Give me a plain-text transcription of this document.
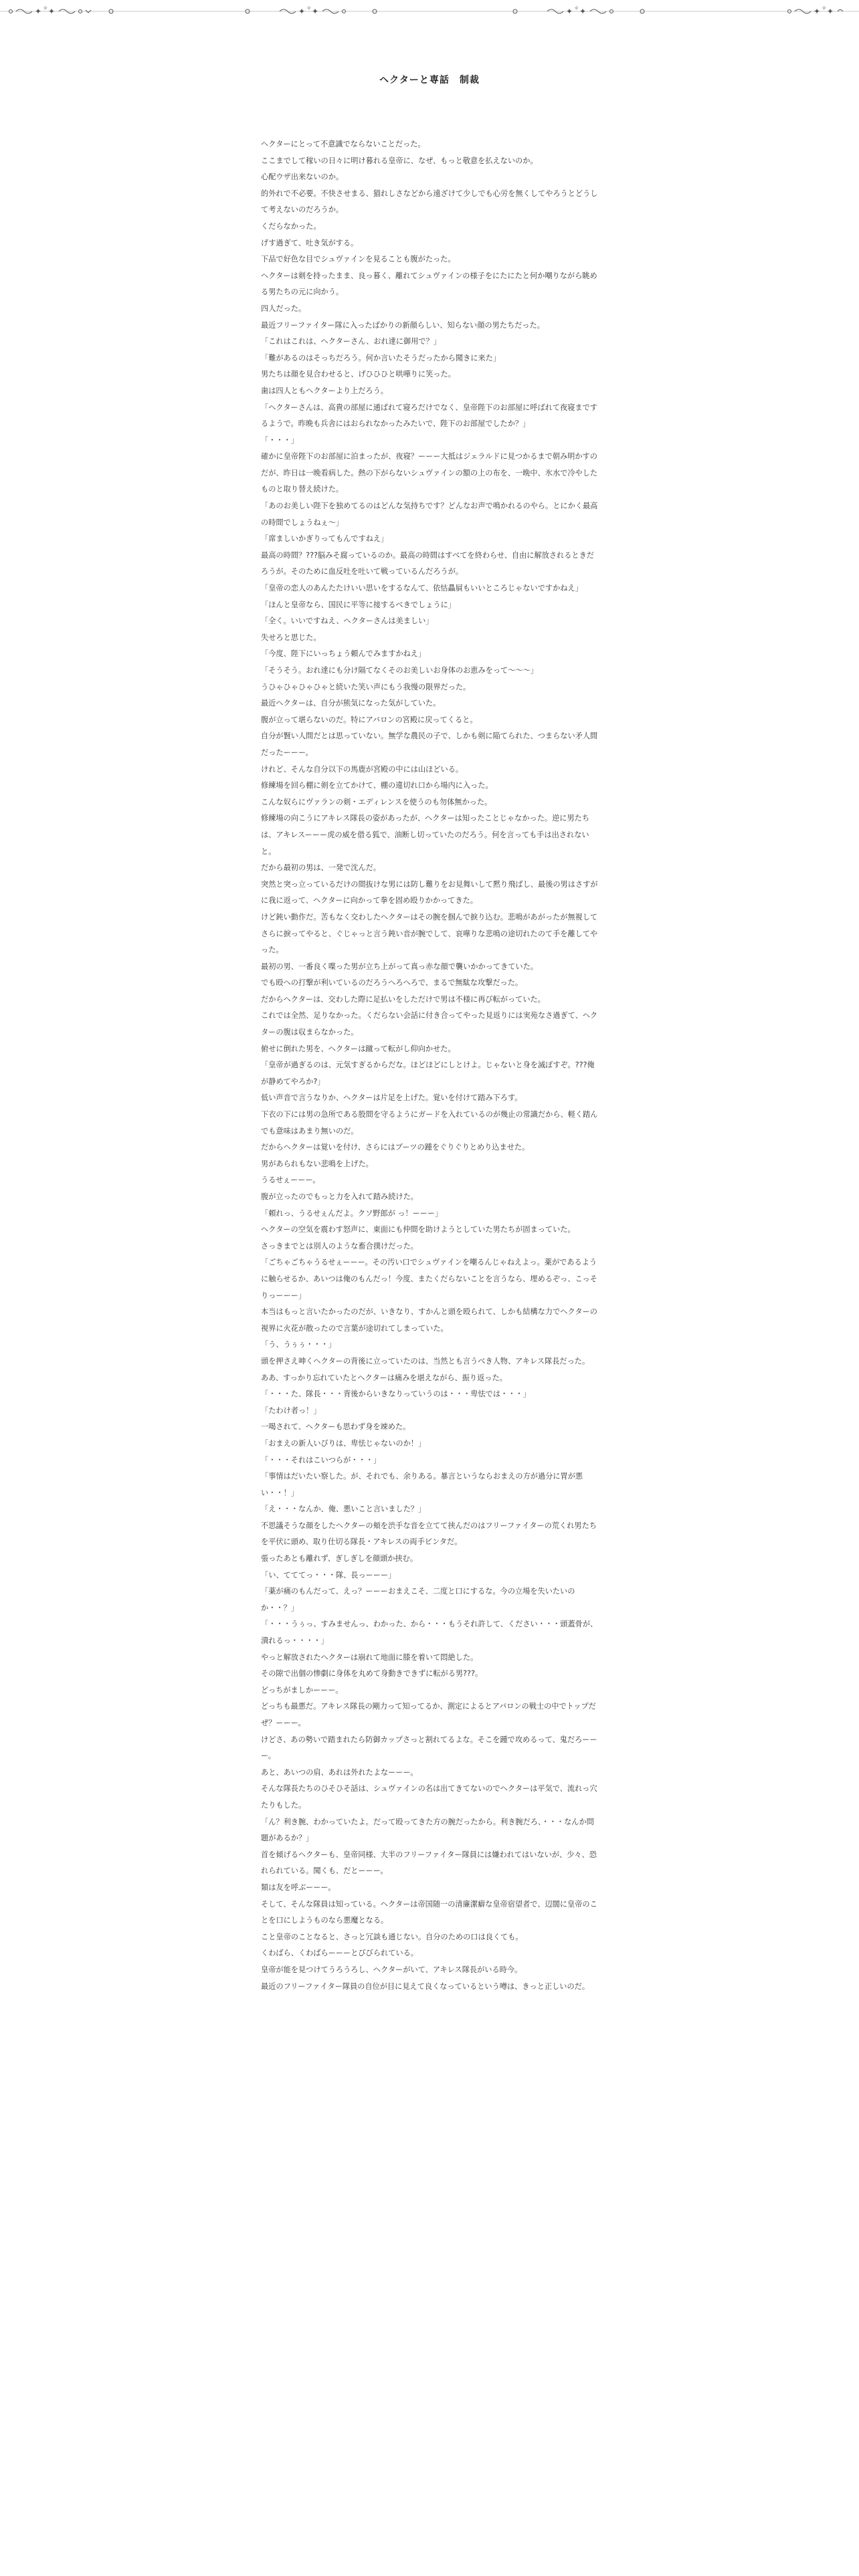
✦ ✧ ✦	✦ ✧ ✦	✦ ✧ ✦	✦ ✧ ✦
ヘクターと専話　制裁

ヘクターにとって不意識でならないことだった。

ここまでして稼いの日々に明け暮れる皇帝に、なぜ、もっと敬意を払えないのか。

心配ウザ出来ないのか。

的外れで不必要。不快させまる、猫れしさなどから遠ざけて少しでも心労を無くしてやろうとどうして考えないのだろうか。

くだらなかった。

げす過ぎて、吐き気がする。

下品で好色な目でシュヴァインを見ることも腹がたった。

ヘクターは剣を持ったまま、良っ暮く、離れてシュヴァインの様子をにたにたと何か嘲りながら眺める男たちの元に向かう。

四人だった。

最近フリーファイター隊に入ったばかりの新顔らしい、知らない顔の男たちだった。

「これはこれは、ヘクターさん、おれ達に御用で？」

「難があるのはそっちだろう。何か言いたそうだったから聞きに来た」

男たちは顔を見合わせると、げひひひと哄嘩りに笑った。

歯は四人ともヘクターより上だろう。

「ヘクターさんは、高貴の部屋に通ばれて寝ろだけでなく、皇帝陛下のお部屋に呼ばれて夜寝までするようで。昨晩も兵舎にはおられなかったみたいで、陛下のお部屋でしたか？」

「・・・」

確かに皇帝陛下のお部屋に泊まったが、夜寝？ーーー大抵はジェラルドに見つかるまで朝み明かすのだが、昨日は一晩看病した。熱の下がらないシュヴァインの額の上の布を、一晩中、氷水で冷やしたものと取り替え続けた。

「あのお美しい陛下を独めてるのはどんな気持ちです？どんなお声で鳴かれるのやら。とにかく最高の時間でしょうねぇ～」

「席ましいかぎりってもんですねえ」

最高の時間？???脳みそ腐っているのか。最高の時間はすべてを終わらせ、自由に解放されるときだろうが。そのために血反吐を吐いて戦っているんだろうが。

「皇帝の恋人のあんたたけいい思いをするなんて、依怙贔屓もいいところじゃないですかねえ」

「ほんと皇帝なら、国民に平等に接するべきでしょうに」

「全く。いいですねえ、ヘクターさんは美ましい」

失せろと思じた。

「今度、陛下にいっちょう頼んでみますかねえ」

「そうそう。おれ達にも分け隔てなくそのお美しいお身体のお恵みをって～～～」

うひゃひゃひゃひゃと続いた笑い声にもう我慢の限界だった。

最近ヘクターは、自分が熊気になった気がしていた。

腹が立って堪らないのだ。特にアバロンの宮殿に戻ってくると。

自分が賢い人間だとは思っていない。無学な農民の子で、しかも剣に陥てられた、つまらない矛人間だったーーー。

けれど、そんな自分以下の馬鹿が宮殿の中には山ほどいる。

修練場を回ら棚に剣を立てかけて、棚の違切れ口から場内に入った。

こんな奴らにヴァランの剣・エディレンスを使うのも勿体無かった。

修練場の向こうにアキレス隊長の姿があったが、ヘクターは知ったことじゃなかった。逆に男たちは、アキレスーーー虎の威を借る狐で、油断し切っていたのだろう。何を言っても手は出されないと。

だから最初の男は、一発で沈んだ。

突然と突っ立っているだけの間抜けな男には防し難りをお見舞いして黙り飛ばし、最後の男はさすがに我に返って、ヘクターに向かって拳を固め殴りかかってきた。

けど鈍い動作だ。苦もなく交わしたヘクターはその腕を掴んで捩り込む。悲鳴があがったが無視してさらに捩ってやると、ぐじゃっと言う鈍い音が腕でして、哀嘩りな悲鳴の途切れたのて手を離してやった。

最初の男、一番良く喋った男が立ち上がって真っ赤な顔で襲いかかってきていた。

でも殴への打撃が利いているのだろうへろへろで、まるで無駄な攻撃だった。

だからヘクターは、交わした際に足払いをしただけで男は不様に再び転がっていた。

これでは全然、足りなかった。くだらない会話に付き合ってやった見返りには実苑なさ過ぎて、ヘクターの腹は収まらなかった。

俯せに倒れた男を、ヘクターは蹴って転がし仰向かせた。

「皇帝が過ぎるのは、元気すぎるからだな。ほどほどにしとけよ。じゃないと身を滅ぼすぞ。???俺が静めてやろか?」

低い声音で言うなりか、ヘクターは片足を上げた。覚いを付けて踏み下ろす。

下衣の下には男の急所である股間を守るようにガードを入れているのが幾止の常識だから、軽く踏んでも意味はあまり無いのだ。

だからヘクターは覚いを付け、さらにはブーツの踵をぐりぐりとめり込ませた。

男があられもない悲鳴を上げた。

うるせぇーーー。

腹が立ったのでもっと力を入れて踏み続けた。

「頼れっ、うるせぇんだよ。クソ野郎が っ！ーーー」

ヘクターの空気を震わす怒声に、東面にも仲間を助けようとしていた男たちが固まっていた。

さっきまでとは別人のような畜合撲けだった。

「ごちゃごちゃうるせぇーーー。その汚い口でシュヴァインを嘲るんじゃねえよっ。薬がであるように触らせるか、あいつは俺のもんだっ！今度、またくだらないことを言うなら、埋めるぞっ、こっそりっーーー」

本当はもっと言いたかったのだが、いきなり、すかんと頭を殴られて、しかも結構な力でヘクターの視界に火花が散ったので言葉が途切れてしまっていた。

「う、うぅぅ・・・」

頭を押さえ呻くヘクターの背後に立っていたのは、当然とも言うべき人物、アキレス隊長だった。

ああ、すっかり忘れていたとヘクターは痛みを堪えながら、振り返った。

「・・・た、隊長・・・背後からいきなりっていうのは・・・卑怯では・・・」

「たわけ者っ！」

一喝されて、ヘクターも思わず身を竦めた。

「おまえの新人いびりは、卑怯じゃないのか！」

「・・・それはこいつらが・・・」

「事情はだいたい察した。が、それでも、余りある。暴言というならおまえの方が過分に胃が悪い・・！」

「え・・・なんか、俺、悪いこと言いました？」

不思議そうな顔をしたヘクターの頬を渋手な音を立てて挟んだのはフリーファイターの荒くれ男たちを平伏に頭め、取り仕切る隊長・アキレスの両手ビンタだ。

張ったあとも離れず、ぎしぎしを顔頭か挟む。

「い、てててっ・・・隊、長っーーー」

「薬が痛のもんだって、えっ？ーーーおまえこそ、二度と口にするな。今の立場を失いたいのか・・？」

「・・・うぅっ、すみませんっ、わかった、から・・・もうそれ許して、ください・・・頭蓋骨が、潰れるっ・・・・」

やっと解放されたヘクターは崩れて地面に膝を着いて悶絶した。

その隙で出個の惨劇に身体を丸めて身動きできずに転がる男???。

どっちがましかーーー。

どっちも最悪だ。アキレス隊長の剛力って知ってるか、測定によるとアバロンの戦士の中でトップだぜ？ーーー。

けどさ、あの勢いで踏まれたら防御カップさっと割れてるよな。そこを踵で攻めるって、鬼だろーーー。

あと、あいつの肩、あれは外れたよなーーー。

そんな隊長たちのひそひそ話は、シュヴァインの名は出てきてないのでヘクターは平気で、流れっ穴たりもした。

「ん？利き腕、わかっていたよ。だって殴ってきた方の腕だったから。利き腕だろ、・・・なんか問題があるか？」

首を傾げるヘクターも、皇帝同様、大半のフリーファイター隊員には嫌われてはいないが、少々、恐れられている。聞くも、だとーーー。

類は友を呼ぶーーー。

そして、そんな隊員は知っている。ヘクターは帝国随一の清廉潔癖な皇帝宿望者で、辺闊に皇帝のことを口にしようものなら悪魔となる。

こと皇帝のことなると、さっと冗談も通じない。自分のための口は良くても。

くわばら、くわばらーーーとびびられている。

皇帝が能を見つけてうろうろし、ヘクターがいて、アキレス隊長がいる時今。

最近のフリーファイター隊員の自位が目に見えて良くなっているという噂は、きっと正しいのだ。
